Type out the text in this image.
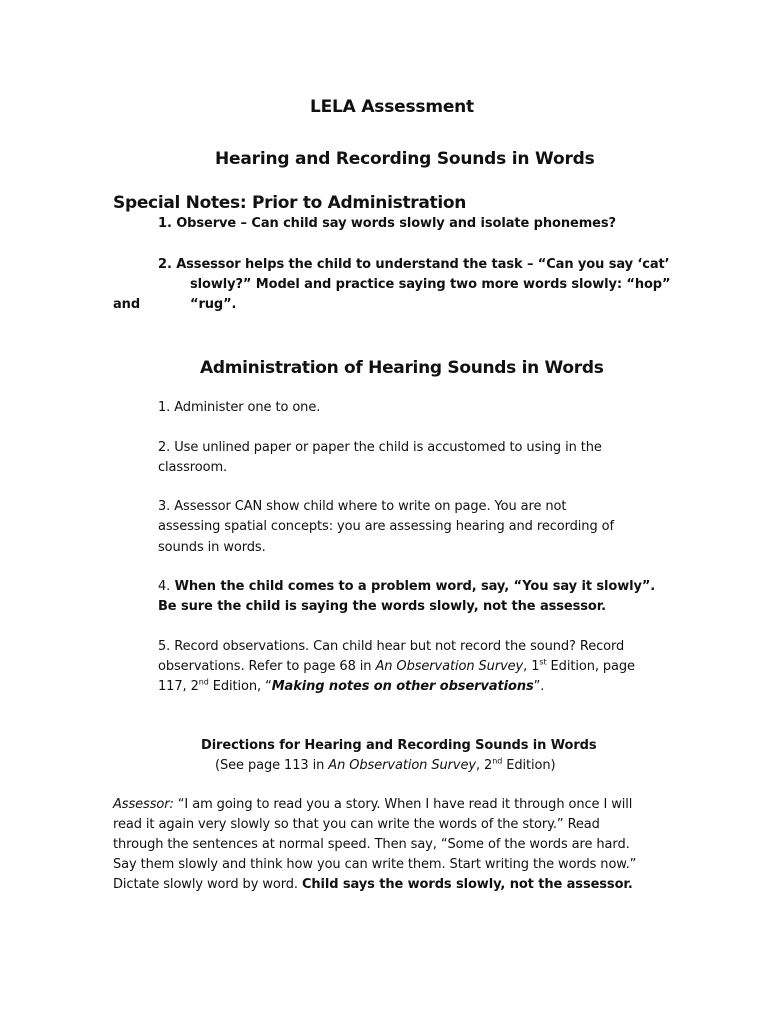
LELA Assessment
Hearing and Recording Sounds in Words
Special Notes: Prior to Administration
1. Observe – Can child say words slowly and isolate phonemes?
2. Assessor helps the child to understand the task – “Can you say ‘cat’
slowly?” Model and practice saying two more words slowly: “hop”
and	“rug”.
Administration of Hearing Sounds in Words
1. Administer one to one.
2. Use unlined paper or paper the child is accustomed to using in the
classroom.
3. Assessor CAN show child where to write on page. You are not
assessing spatial concepts: you are assessing hearing and recording of
sounds in words.
4. When the child comes to a problem word, say, “You say it slowly”.
Be sure the child is saying the words slowly, not the assessor.
5. Record observations. Can child hear but not record the sound? Record
observations. Refer to page 68 in An Observation Survey, 1st Edition, page
117, 2nd Edition, “Making notes on other observations”.
Directions for Hearing and Recording Sounds in Words
(See page 113 in An Observation Survey, 2nd Edition)
Assessor: “I am going to read you a story. When I have read it through once I will
read it again very slowly so that you can write the words of the story.” Read
through the sentences at normal speed. Then say, “Some of the words are hard.
Say them slowly and think how you can write them. Start writing the words now.”
Dictate slowly word by word. Child says the words slowly, not the assessor.
